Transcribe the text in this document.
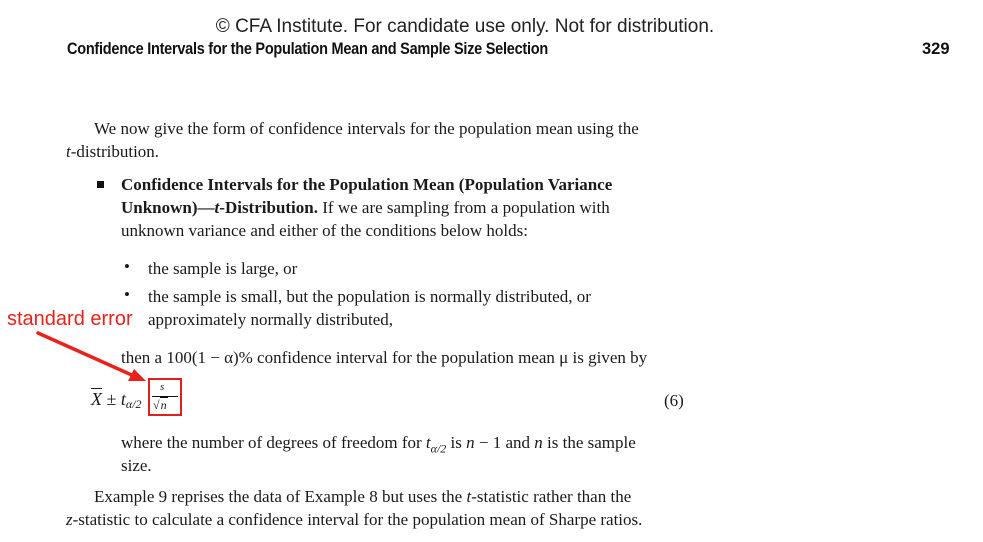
© CFA Institute. For candidate use only. Not for distribution.
Confidence Intervals for the Population Mean and Sample Size Selection	329
We now give the form of confidence intervals for the population mean using the
t-distribution.
Confidence Intervals for the Population Mean (Population Variance
Unknown)—t-Distribution. If we are sampling from a population with
unknown variance and either of the conditions below holds:
• the sample is large, or
• the sample is small, but the population is normally distributed, or
approximately normally distributed,
then a 100(1 − α)% confidence interval for the population mean μ is given by
$\overline{X} \pm t_{\alpha/2}$
s
√n	(6)
where the number of degrees of freedom for $t_{\alpha/2}$ is n − 1 and n is the sample
size.
Example 9 reprises the data of Example 8 but uses the t-statistic rather than the
z-statistic to calculate a confidence interval for the population mean of Sharpe ratios.
standard error
